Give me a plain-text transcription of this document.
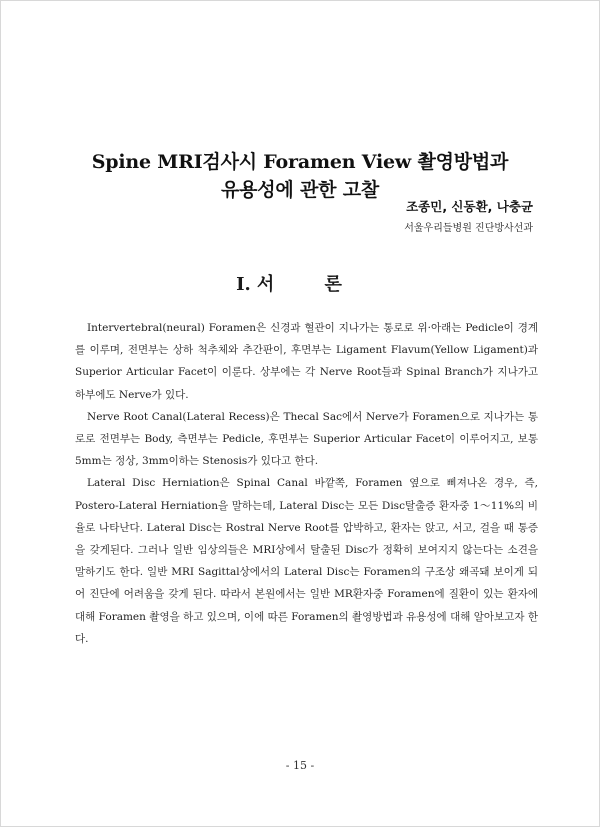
Spine MRI검사시 Foramen View 촬영방법과
유용성에 관한 고찰
조종민, 신동환, 나충균
서울우리들병원 진단방사선과
Ⅰ. 서 론

Intervertebral(neural) Foramen은 신경과 혈관이 지나가는 통로로 위·아래는 Pedicle이 경계를 이루며, 전면부는 상하 척추체와 추간판이, 후면부는 Ligament Flavum(Yellow Ligament)과 Superior Articular Facet이 이룬다. 상부에는 각 Nerve Root들과 Spinal Branch가 지나가고 하부에도 Nerve가 있다.

Nerve Root Canal(Lateral Recess)은 Thecal Sac에서 Nerve가 Foramen으로 지나가는 통로로 전면부는 Body, 측면부는 Pedicle, 후면부는 Superior Articular Facet이 이루어지고, 보통 5mm는 정상, 3mm이하는 Stenosis가 있다고 한다.

Lateral Disc Herniation은 Spinal Canal 바깥쪽, Foramen 옆으로 삐져나온 경우, 즉, Postero-Lateral Herniation을 말하는데, Lateral Disc는 모든 Disc탈출증 환자중 1～11%의 비율로 나타난다. Lateral Disc는 Rostral Nerve Root를 압박하고, 환자는 앉고, 서고, 걸을 때 통증을 갖게된다. 그러나 일반 임상의들은 MRI상에서 탈출된 Disc가 정확히 보여지지 않는다는 소견을 말하기도 한다. 일반 MRI Sagittal상에서의 Lateral Disc는 Foramen의 구조상 왜곡돼 보이게 되어 진단에 어려움을 갖게 된다. 따라서 본원에서는 일반 MR환자중 Foramen에 질환이 있는 환자에 대해 Foramen 촬영을 하고 있으며, 이에 따른 Foramen의 촬영방법과 유용성에 대해 알아보고자 한다.

- 15 -
